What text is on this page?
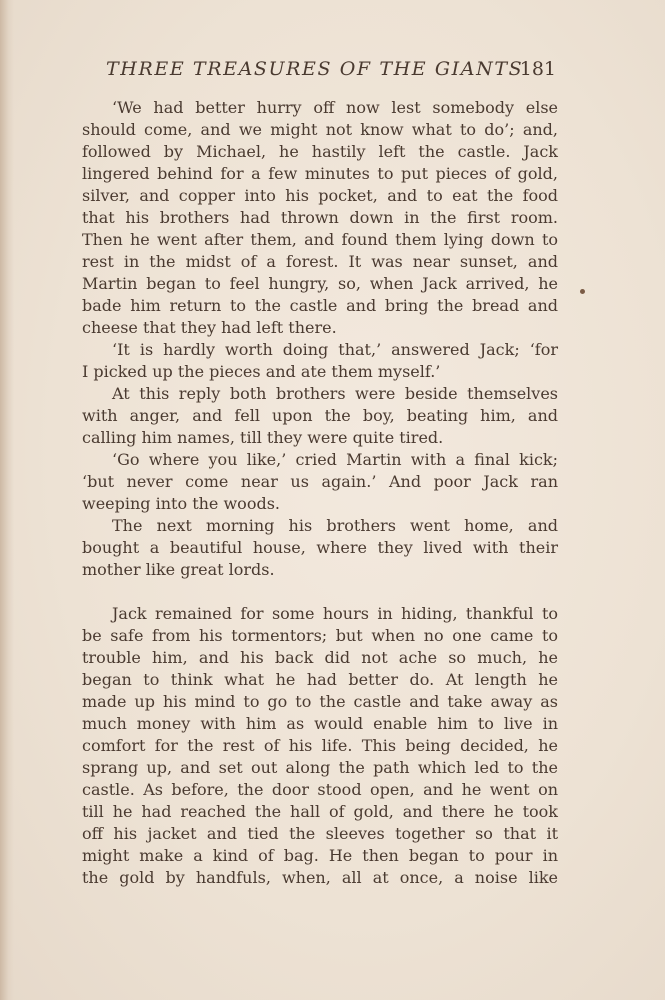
THREE TREASURES OF THE GIANTS
181
‘We had better hurry off now lest somebody else
should come, and we might not know what to do’; and,
followed by Michael, he hastily left the castle. Jack
lingered behind for a few minutes to put pieces of gold,
silver, and copper into his pocket, and to eat the food
that his brothers had thrown down in the first room.
Then he went after them, and found them lying down to
rest in the midst of a forest. It was near sunset, and
Martin began to feel hungry, so, when Jack arrived, he
bade him return to the castle and bring the bread and
cheese that they had left there.
‘It is hardly worth doing that,’ answered Jack; ‘for
I picked up the pieces and ate them myself.’
At this reply both brothers were beside themselves
with anger, and fell upon the boy, beating him, and
calling him names, till they were quite tired.
‘Go where you like,’ cried Martin with a final kick;
‘but never come near us again.’ And poor Jack ran
weeping into the woods.
The next morning his brothers went home, and
bought a beautiful house, where they lived with their
mother like great lords.
Jack remained for some hours in hiding, thankful to
be safe from his tormentors; but when no one came to
trouble him, and his back did not ache so much, he
began to think what he had better do. At length he
made up his mind to go to the castle and take away as
much money with him as would enable him to live in
comfort for the rest of his life. This being decided, he
sprang up, and set out along the path which led to the
castle. As before, the door stood open, and he went on
till he had reached the hall of gold, and there he took
off his jacket and tied the sleeves together so that it
might make a kind of bag. He then began to pour in
the gold by handfuls, when, all at once, a noise like
